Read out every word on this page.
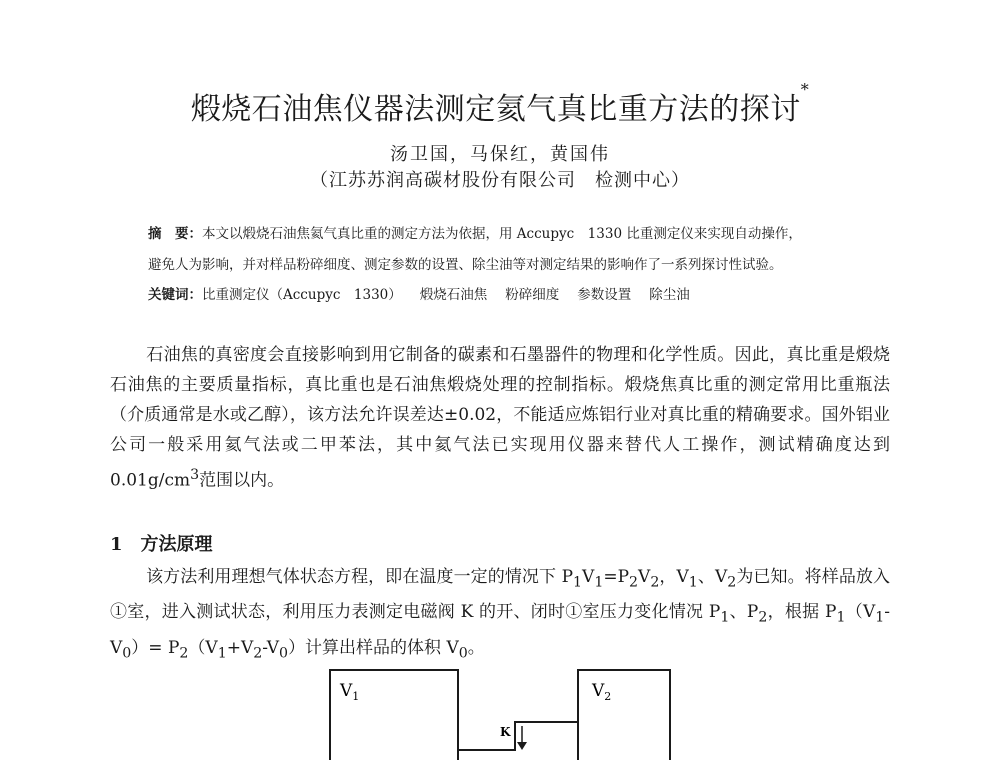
煅烧石油焦仪器法测定氦气真比重方法的探讨*
汤卫国，马保红，黄国伟
（江苏苏润高碳材股份有限公司　检测中心）
摘　要：本文以煅烧石油焦氦气真比重的测定方法为依据，用 Accupyc　1330 比重测定仪来实现自动操作，
避免人为影响，并对样品粉碎细度、测定参数的设置、除尘油等对测定结果的影响作了一系列探讨性试验。
关键词：比重测定仪（Accupyc　1330） 煅烧石油焦 粉碎细度 参数设置 除尘油
石油焦的真密度会直接影响到用它制备的碳素和石墨器件的物理和化学性质。因此，真比重是煅烧石油焦的主要质量指标，真比重也是石油焦煅烧处理的控制指标。煅烧焦真比重的测定常用比重瓶法（介质通常是水或乙醇），该方法允许误差达±0.02，不能适应炼铝行业对真比重的精确要求。国外铝业公司一般采用氦气法或二甲苯法，其中氦气法已实现用仪器来替代人工操作，测试精确度达到 $0.01g/cm^3$范围以内。
1 方法原理
该方法利用理想气体状态方程，即在温度一定的情况下 $P_1V_1=P_2V_2$，$V_1$、$V_2$为已知。将样品放入①室，进入测试状态，利用压力表测定电磁阀 K 的开、闭时①室压力变化情况 $P_1$、$P_2$，根据 $P_1(V_1-V_0)= P_2(V_1+V_2-V_0)$计算出样品的体积 $V_0$。
$V_1$	$V_2$
K
